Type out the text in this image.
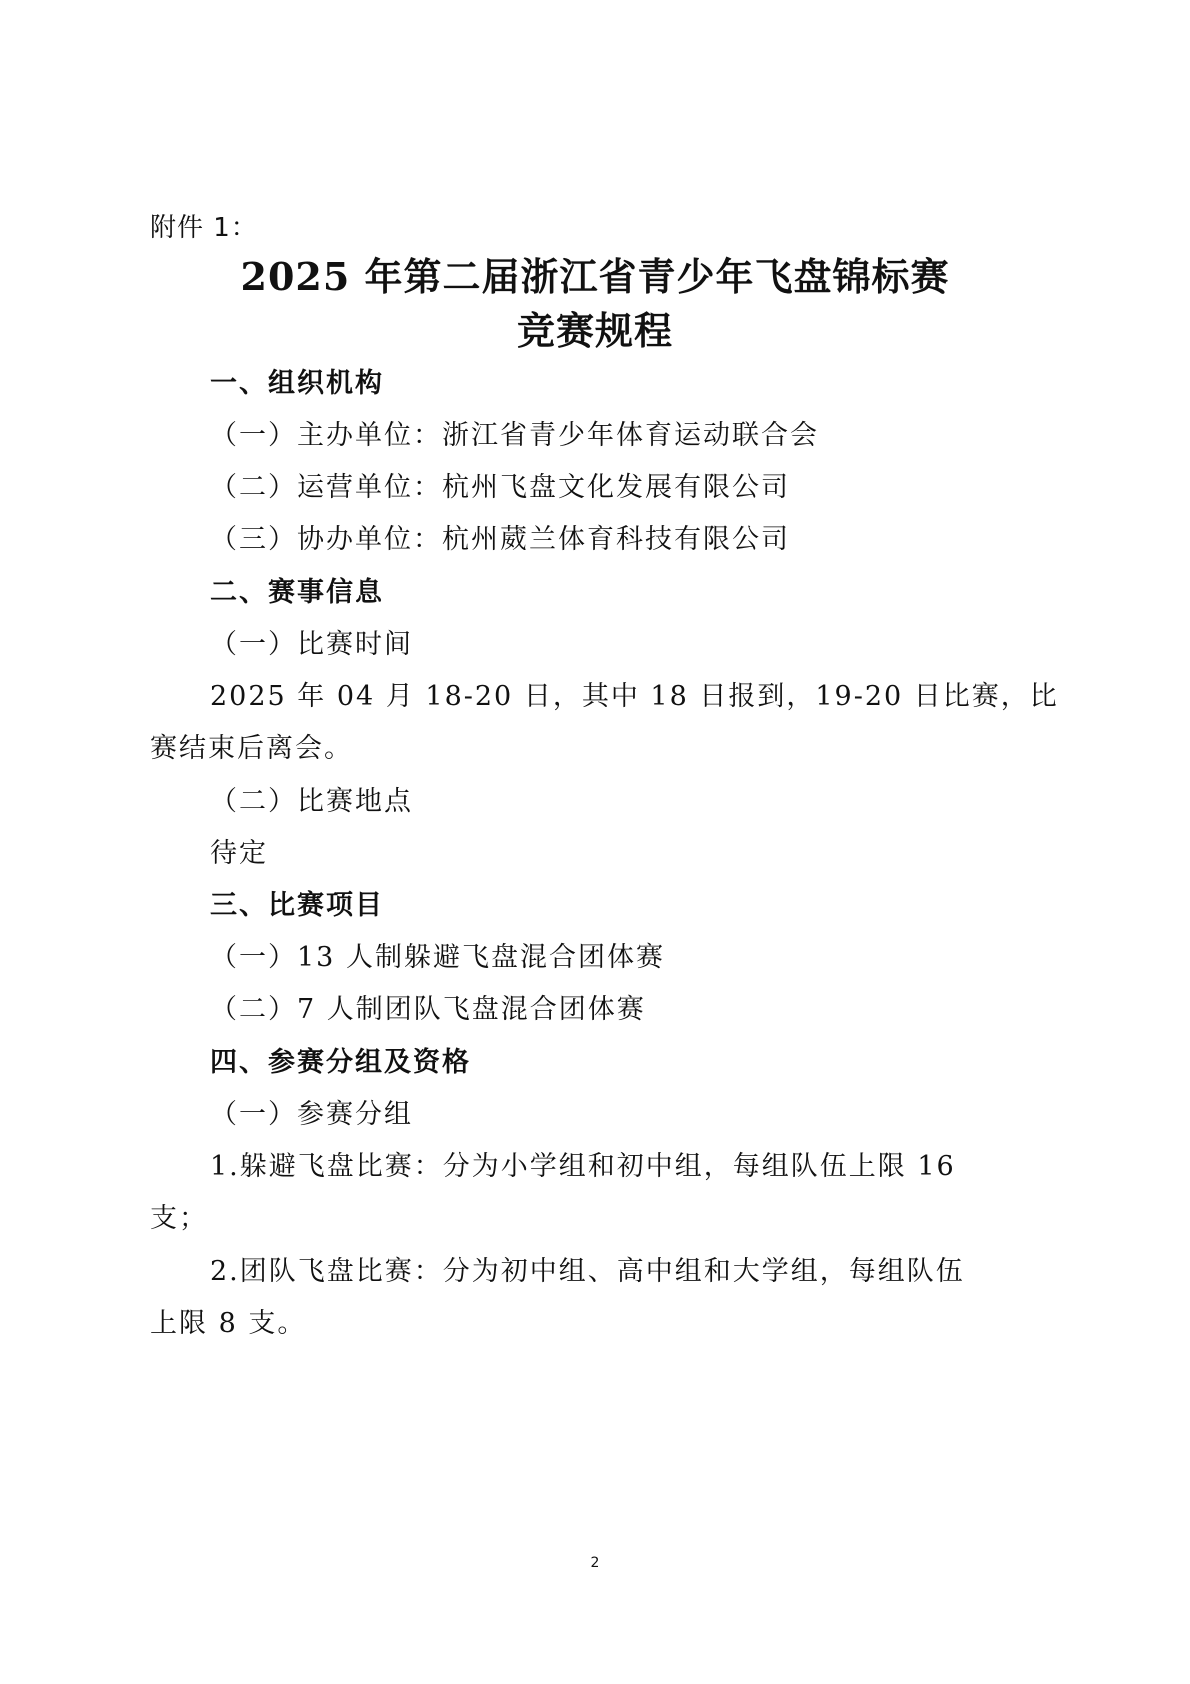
附件 1：
2025 年第二届浙江省青少年飞盘锦标赛
竞赛规程
一、组织机构
（一）主办单位：浙江省青少年体育运动联合会
（二）运营单位：杭州飞盘文化发展有限公司
（三）协办单位：杭州葳兰体育科技有限公司
二、赛事信息
（一）比赛时间
2025 年 04 月 18-20 日，其中 18 日报到，19-20 日比赛，比
赛结束后离会。
（二）比赛地点
待定
三、比赛项目
（一）13 人制躲避飞盘混合团体赛
（二）7 人制团队飞盘混合团体赛
四、参赛分组及资格
（一）参赛分组
1.躲避飞盘比赛：分为小学组和初中组，每组队伍上限 16
支；
2.团队飞盘比赛：分为初中组、高中组和大学组，每组队伍
上限 8 支。
2
